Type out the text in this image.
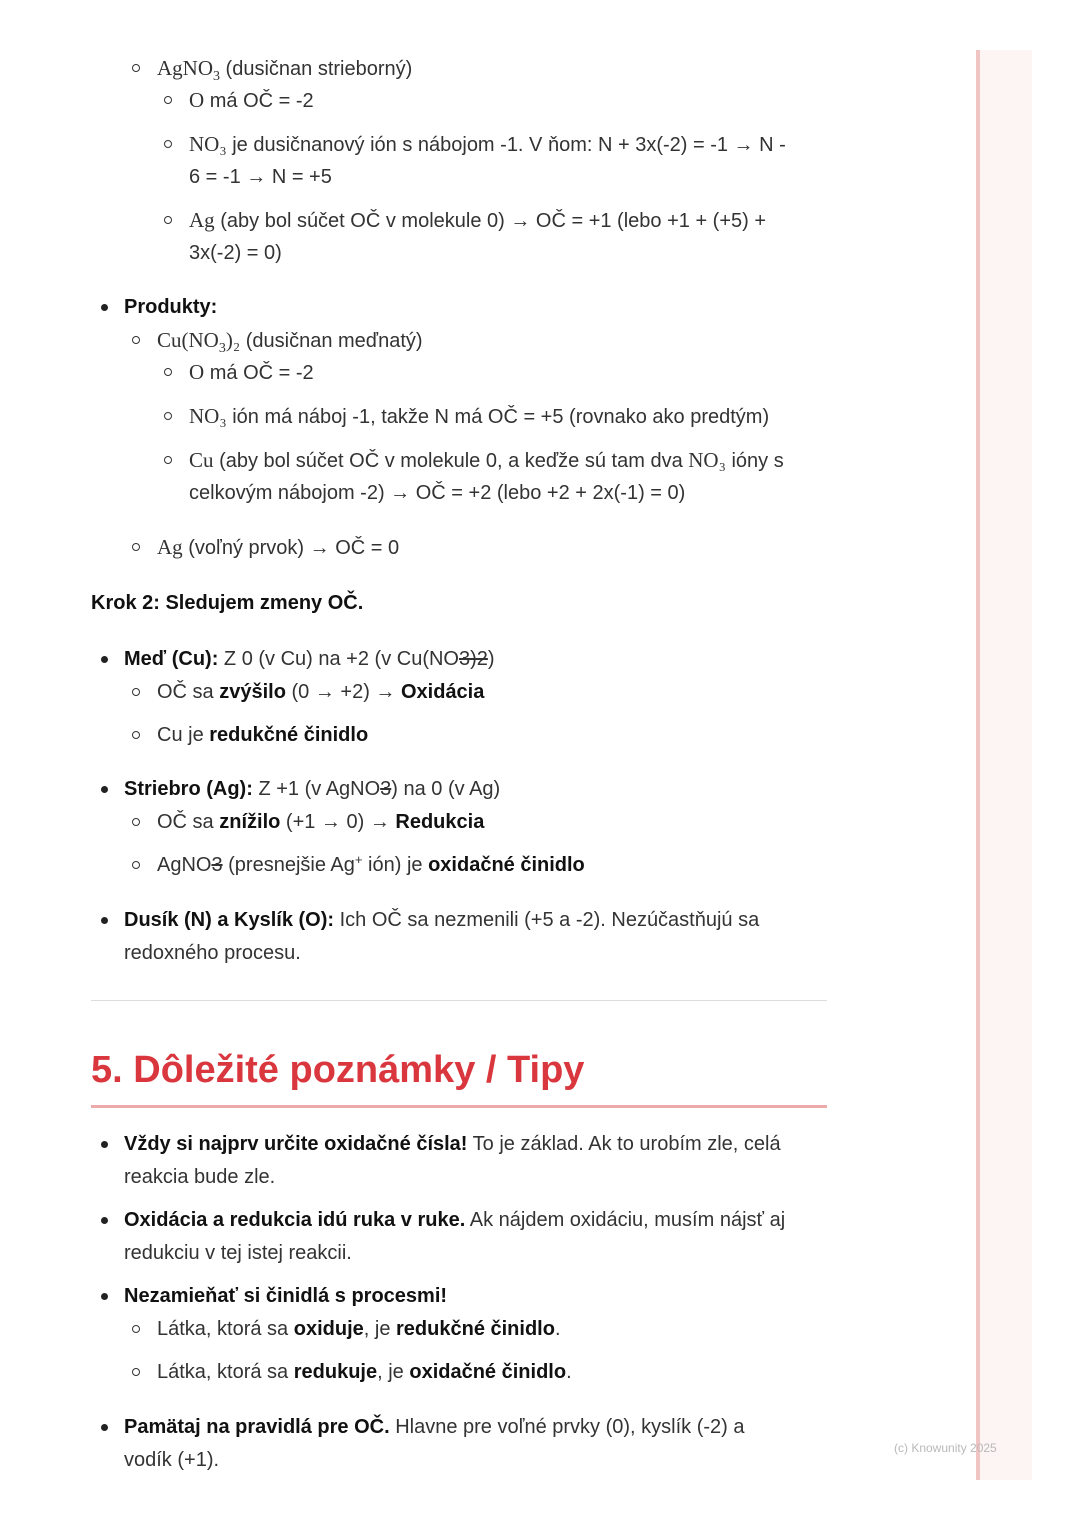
(c) Knowunity 2025
AgNO$_3$ (dusičnan strieborný)
O má OČ = -2
NO₃ je dusičnanový ión s nábojom -1. V ňom: N + 3x(-2) = -1 → N -
6 = -1 → N = +5
Ag (aby bol súčet OČ v molekule 0) → OČ = +1 (lebo +1 + (+5) +
3x(-2) = 0)
Produkty:
$Cu(NO_3)_2$ (dusičnan meďnatý)
O má OČ = -2
NO₃ ión má náboj -1, takže N má OČ = +5 (rovnako ako predtým)
Cu (aby bol súčet OČ v molekule 0, a keďže sú tam dva NO₃ ióny s
celkovým nábojom -2) → OČ = +2 (lebo +2 + 2x(-1) = 0)
Ag (voľný prvok) → OČ = 0
Krok 2: Sledujem zmeny OČ.
Meď (Cu): Z 0 (v Cu) na +2 (v Cu(NO3)2)
OČ sa zvýšilo (0 → +2) → Oxidácia
Cu je redukčné činidlo
Striebro (Ag): Z +1 (v AgNO3) na 0 (v Ag)
OČ sa znížilo (+1 → 0) → Redukcia
AgNO3 (presnejšie Ag+ ión) je oxidačné činidlo
Dusík (N) a Kyslík (O): Ich OČ sa nezmenili (+5 a -2). Nezúčastňujú sa
redoxného procesu.
5. Dôležité poznámky / Tipy
Vždy si najprv určite oxidačné čísla! To je základ. Ak to urobím zle, celá
reakcia bude zle.
Oxidácia a redukcia idú ruka v ruke. Ak nájdem oxidáciu, musím nájsť aj
redukciu v tej istej reakcii.
Nezamieňať si činidlá s procesmi!
Látka, ktorá sa oxiduje, je redukčné činidlo.
Látka, ktorá sa redukuje, je oxidačné činidlo.
Pamätaj na pravidlá pre OČ. Hlavne pre voľné prvky (0), kyslík (-2) a
vodík (+1).
